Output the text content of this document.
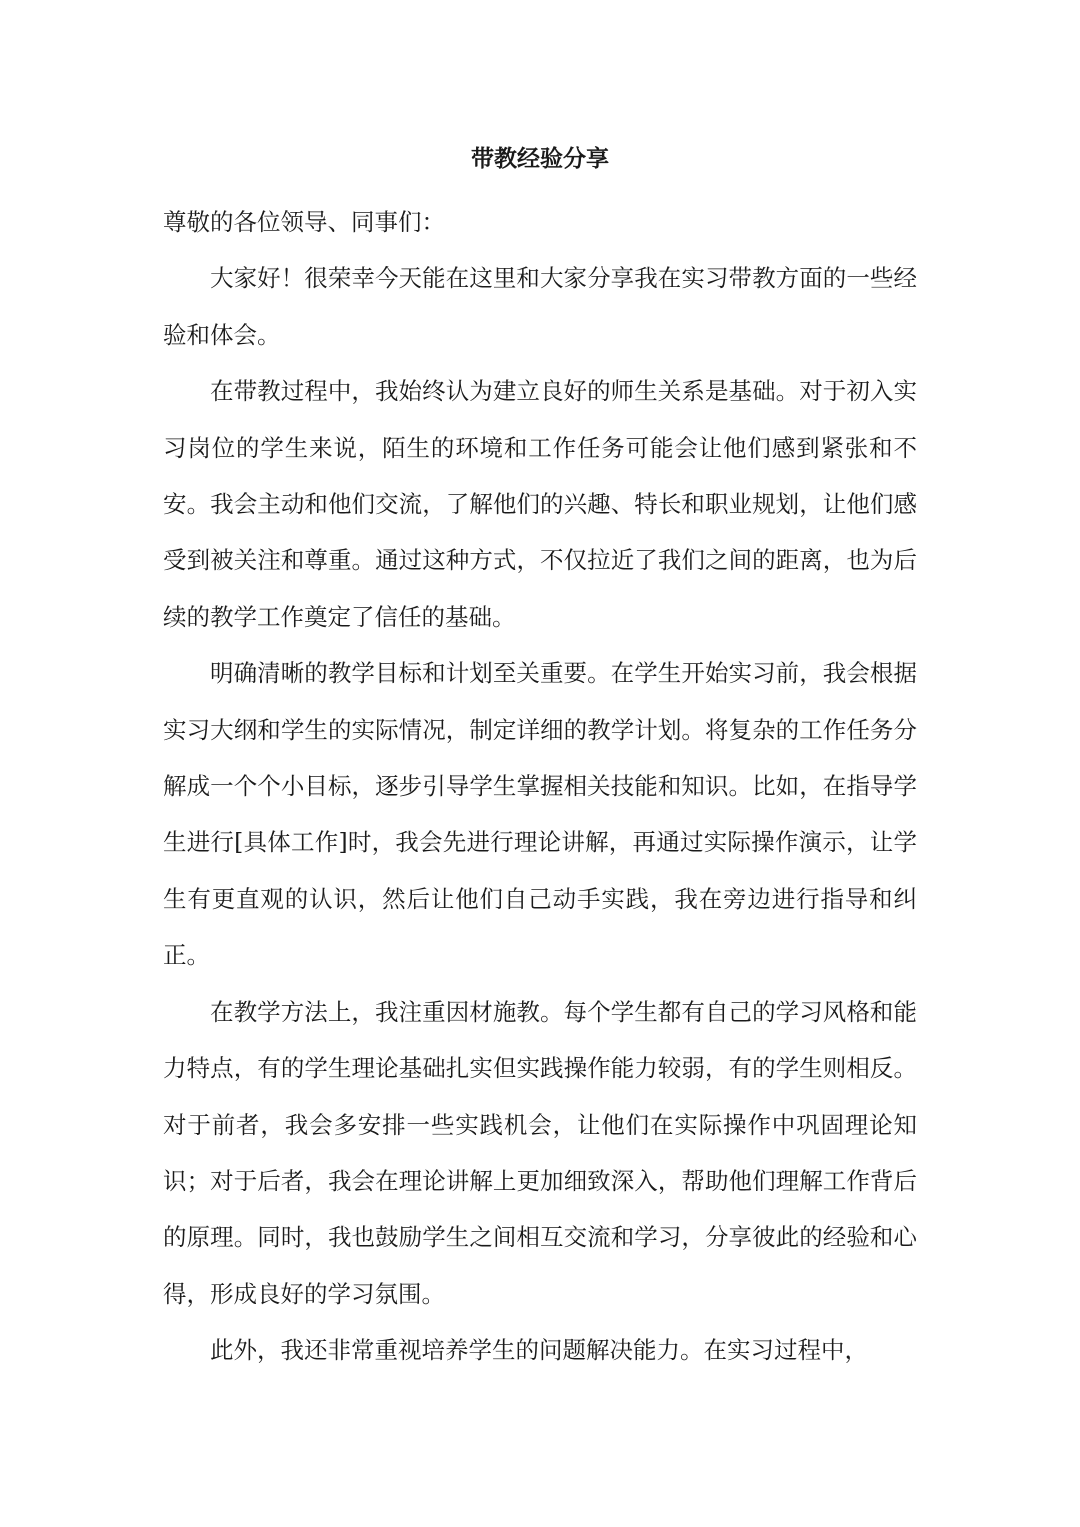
带教经验分享

尊敬的各位领导、同事们：

大家好！很荣幸今天能在这里和大家分享我在实习带教方面的一些经验和体会。

在带教过程中，我始终认为建立良好的师生关系是基础。对于初入实习岗位的学生来说，陌生的环境和工作任务可能会让他们感到紧张和不安。我会主动和他们交流，了解他们的兴趣、特长和职业规划，让他们感受到被关注和尊重。通过这种方式，不仅拉近了我们之间的距离，也为后续的教学工作奠定了信任的基础。

明确清晰的教学目标和计划至关重要。在学生开始实习前，我会根据实习大纲和学生的实际情况，制定详细的教学计划。将复杂的工作任务分解成一个个小目标，逐步引导学生掌握相关技能和知识。比如，在指导学生进行[具体工作]时，我会先进行理论讲解，再通过实际操作演示，让学生有更直观的认识，然后让他们自己动手实践，我在旁边进行指导和纠正。

在教学方法上，我注重因材施教。每个学生都有自己的学习风格和能力特点，有的学生理论基础扎实但实践操作能力较弱，有的学生则相反。对于前者，我会多安排一些实践机会，让他们在实际操作中巩固理论知识；对于后者，我会在理论讲解上更加细致深入，帮助他们理解工作背后的原理。同时，我也鼓励学生之间相互交流和学习，分享彼此的经验和心得，形成良好的学习氛围。

此外，我还非常重视培养学生的问题解决能力。在实习过程中，
